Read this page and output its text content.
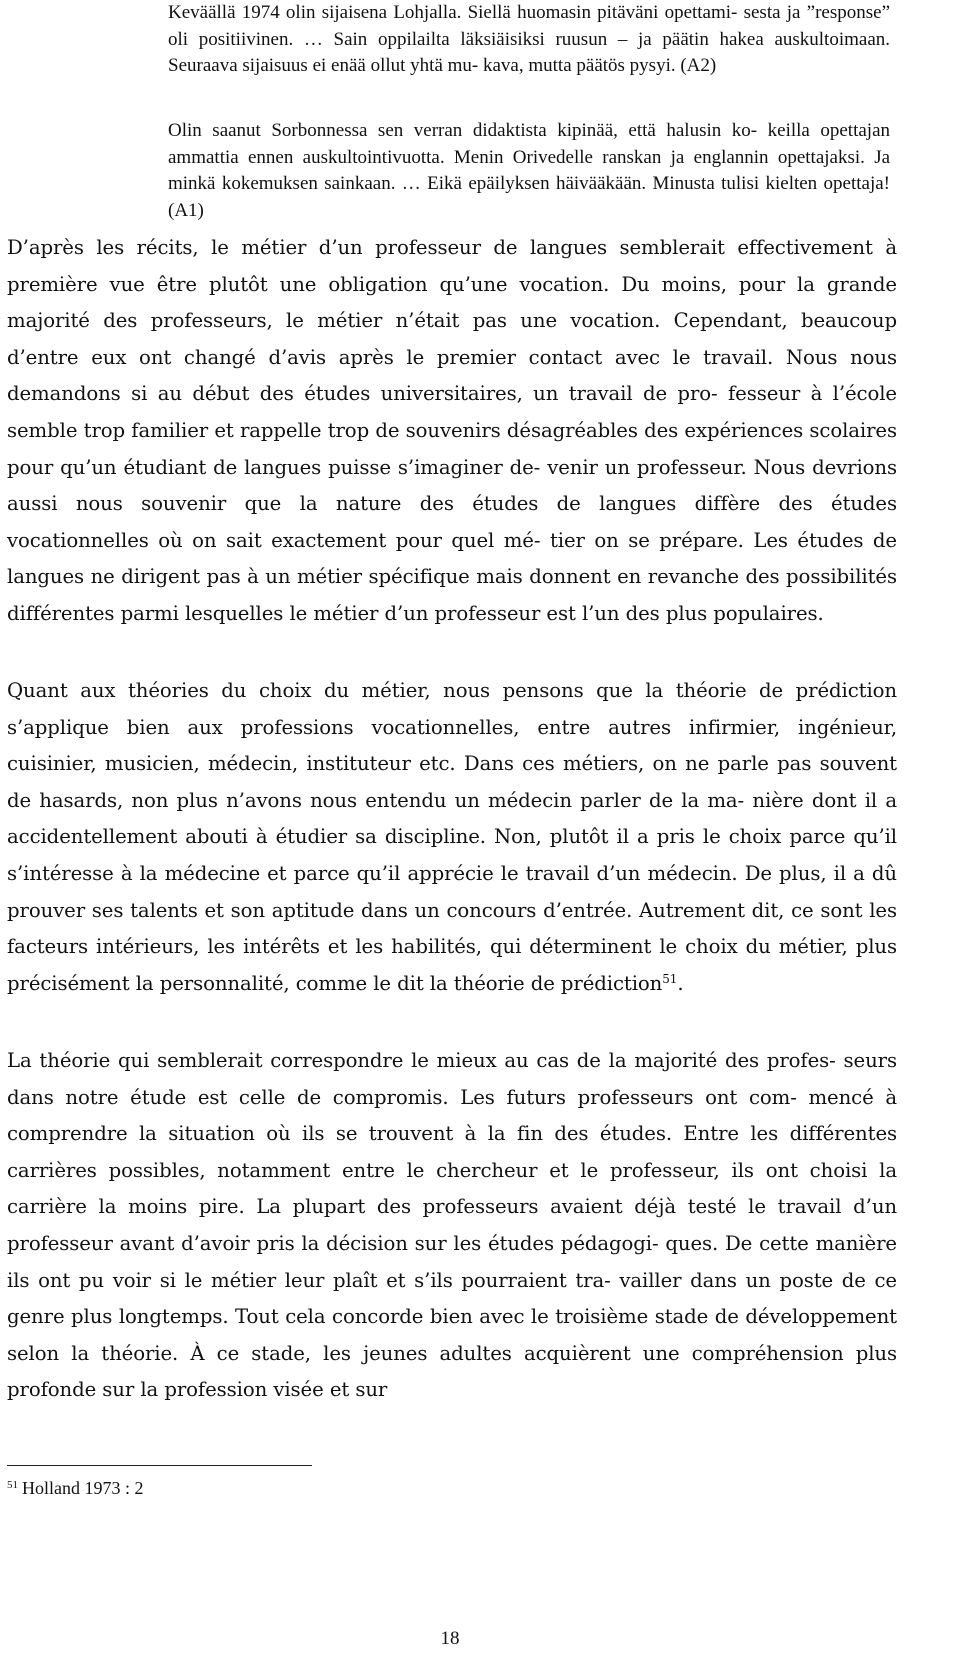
Keväällä 1974 olin sijaisena Lohjalla. Siellä huomasin pitäväni opettami- sesta ja ”response” oli positiivinen. … Sain oppilailta läksiäisiksi ruusun – ja päätin hakea auskultoimaan. Seuraava sijaisuus ei enää ollut yhtä mu- kava, mutta päätös pysyi. (A2)

Olin saanut Sorbonnessa sen verran didaktista kipinää, että halusin ko- keilla opettajan ammattia ennen auskultointivuotta. Menin Orivedelle ranskan ja englannin opettajaksi. Ja minkä kokemuksen sainkaan. … Eikä epäilyksen häivääkään. Minusta tulisi kielten opettaja! (A1)

D’après les récits, le métier d’un professeur de langues semblerait effectivement à première vue être plutôt une obligation qu’une vocation. Du moins, pour la grande majorité des professeurs, le métier n’était pas une vocation. Cependant, beaucoup d’entre eux ont changé d’avis après le premier contact avec le travail. Nous nous demandons si au début des études universitaires, un travail de pro- fesseur à l’école semble trop familier et rappelle trop de souvenirs désagréables des expériences scolaires pour qu’un étudiant de langues puisse s’imaginer de- venir un professeur. Nous devrions aussi nous souvenir que la nature des études de langues diffère des études vocationnelles où on sait exactement pour quel mé- tier on se prépare. Les études de langues ne dirigent pas à un métier spécifique mais donnent en revanche des possibilités différentes parmi lesquelles le métier d’un professeur est l’un des plus populaires.

Quant aux théories du choix du métier, nous pensons que la théorie de prédiction s’applique bien aux professions vocationnelles, entre autres infirmier, ingénieur, cuisinier, musicien, médecin, instituteur etc. Dans ces métiers, on ne parle pas souvent de hasards, non plus n’avons nous entendu un médecin parler de la ma- nière dont il a accidentellement abouti à étudier sa discipline. Non, plutôt il a pris le choix parce qu’il s’intéresse à la médecine et parce qu’il apprécie le travail d’un médecin. De plus, il a dû prouver ses talents et son aptitude dans un concours d’entrée. Autrement dit, ce sont les facteurs intérieurs, les intérêts et les habilités, qui déterminent le choix du métier, plus précisément la personnalité, comme le dit la théorie de prédiction$^{51}$.

La théorie qui semblerait correspondre le mieux au cas de la majorité des profes- seurs dans notre étude est celle de compromis. Les futurs professeurs ont com- mencé à comprendre la situation où ils se trouvent à la fin des études. Entre les différentes carrières possibles, notamment entre le chercheur et le professeur, ils ont choisi la carrière la moins pire. La plupart des professeurs avaient déjà testé le travail d’un professeur avant d’avoir pris la décision sur les études pédagogi- ques. De cette manière ils ont pu voir si le métier leur plaît et s’ils pourraient tra- vailler dans un poste de ce genre plus longtemps. Tout cela concorde bien avec le troisième stade de développement selon la théorie. À ce stade, les jeunes adultes acquièrent une compréhension plus profonde sur la profession visée et sur

$^{51}$ Holland 1973 : 2
18
